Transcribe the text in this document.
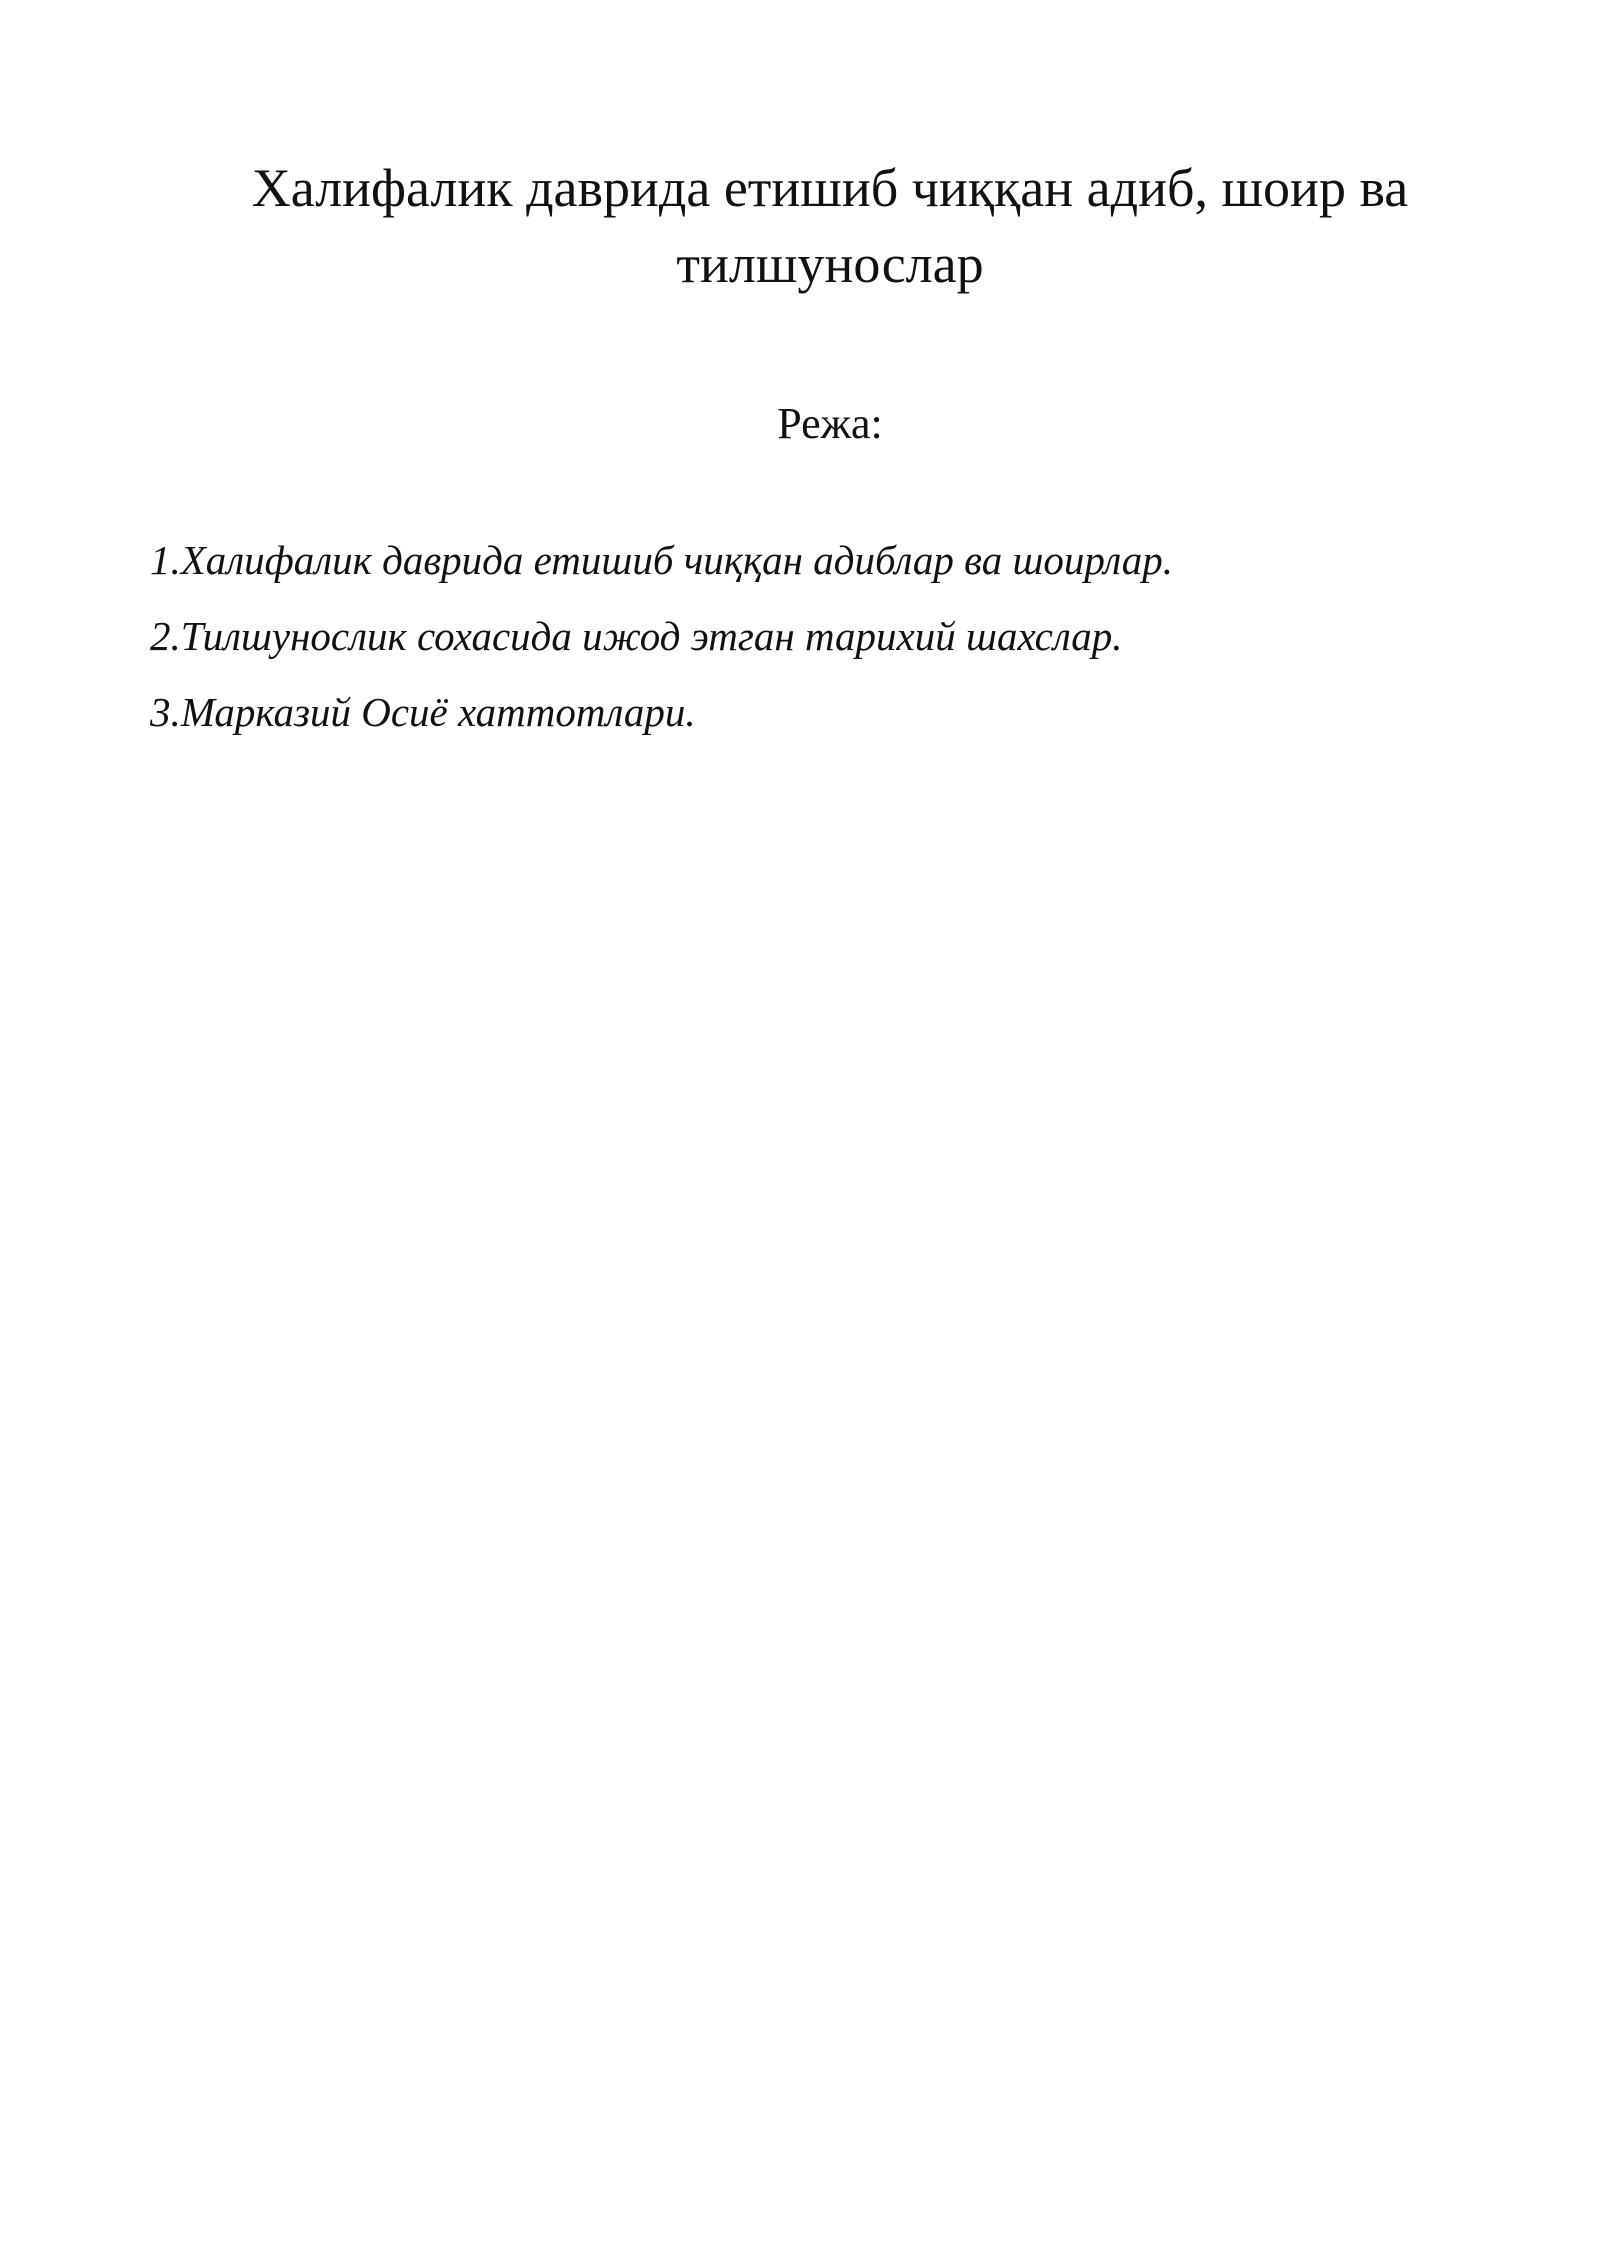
Халифалик даврида етишиб чиққан адиб, шоир ва тилшунослар
Режа:
1.Халифалик даврида етишиб чиққан адиблар ва шоирлар.
2.Тилшунослик сохасида ижод этган тарихий шахслар.
3.Марказий Осиё хаттотлари.
